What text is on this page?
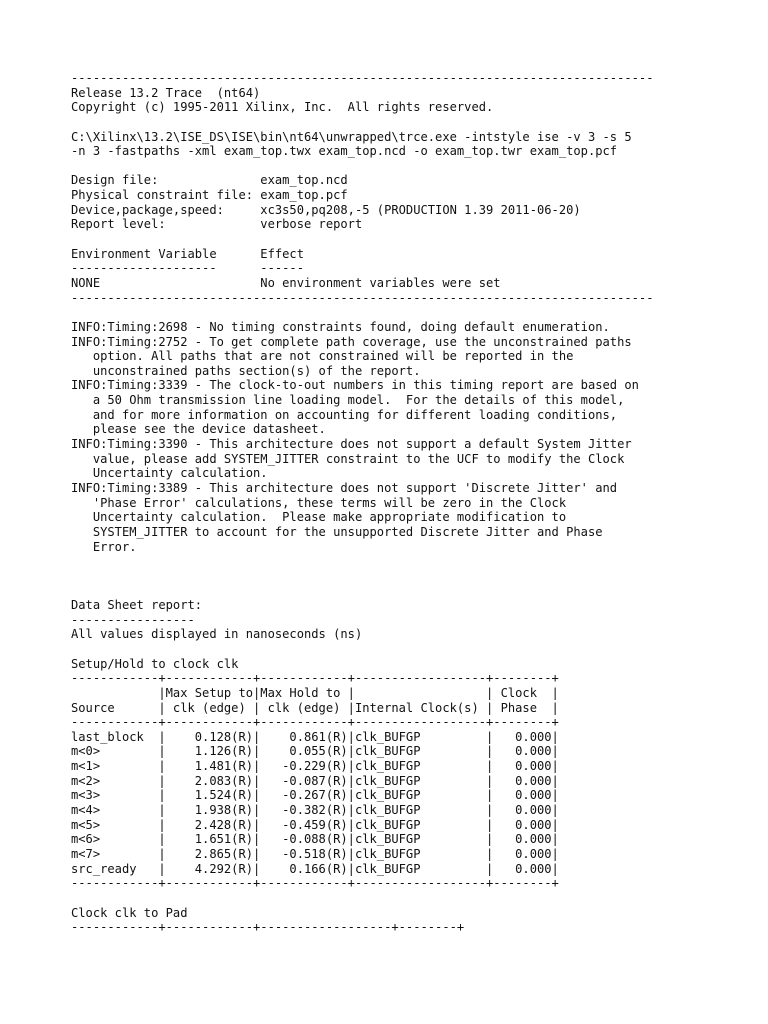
--------------------------------------------------------------------------------
Release 13.2 Trace  (nt64)
Copyright (c) 1995-2011 Xilinx, Inc.  All rights reserved.
C:\Xilinx\13.2\ISE_DS\ISE\bin\nt64\unwrapped\trce.exe -intstyle ise -v 3 -s 5
-n 3 -fastpaths -xml exam_top.twx exam_top.ncd -o exam_top.twr exam_top.pcf
Design file:              exam_top.ncd
Physical constraint file: exam_top.pcf
Device,package,speed:     xc3s50,pq208,-5 (PRODUCTION 1.39 2011-06-20)
Report level:             verbose report
Environment Variable      Effect
--------------------      ------
NONE                      No environment variables were set
--------------------------------------------------------------------------------
INFO:Timing:2698 - No timing constraints found, doing default enumeration.
INFO:Timing:2752 - To get complete path coverage, use the unconstrained paths
option. All paths that are not constrained will be reported in the
unconstrained paths section(s) of the report.
INFO:Timing:3339 - The clock-to-out numbers in this timing report are based on
a 50 Ohm transmission line loading model.  For the details of this model,
and for more information on accounting for different loading conditions,
please see the device datasheet.
INFO:Timing:3390 - This architecture does not support a default System Jitter
value, please add SYSTEM_JITTER constraint to the UCF to modify the Clock
Uncertainty calculation.
INFO:Timing:3389 - This architecture does not support 'Discrete Jitter' and
'Phase Error' calculations, these terms will be zero in the Clock
Uncertainty calculation.  Please make appropriate modification to
SYSTEM_JITTER to account for the unsupported Discrete Jitter and Phase
Error.
Data Sheet report:
-----------------
All values displayed in nanoseconds (ns)
Setup/Hold to clock clk
------------+------------+------------+------------------+--------+
|Max Setup to|Max Hold to |                  | Clock  |
Source      | clk (edge) | clk (edge) |Internal Clock(s) | Phase  |
------------+------------+------------+------------------+--------+
last_block  |    0.128(R)|    0.861(R)|clk_BUFGP         |   0.000|
m<0>        |    1.126(R)|    0.055(R)|clk_BUFGP         |   0.000|
m<1>        |    1.481(R)|   -0.229(R)|clk_BUFGP         |   0.000|
m<2>        |    2.083(R)|   -0.087(R)|clk_BUFGP         |   0.000|
m<3>        |    1.524(R)|   -0.267(R)|clk_BUFGP         |   0.000|
m<4>        |    1.938(R)|   -0.382(R)|clk_BUFGP         |   0.000|
m<5>        |    2.428(R)|   -0.459(R)|clk_BUFGP         |   0.000|
m<6>        |    1.651(R)|   -0.088(R)|clk_BUFGP         |   0.000|
m<7>        |    2.865(R)|   -0.518(R)|clk_BUFGP         |   0.000|
src_ready   |    4.292(R)|    0.166(R)|clk_BUFGP         |   0.000|
------------+------------+------------+------------------+--------+
Clock clk to Pad
------------+------------+------------------+--------+
